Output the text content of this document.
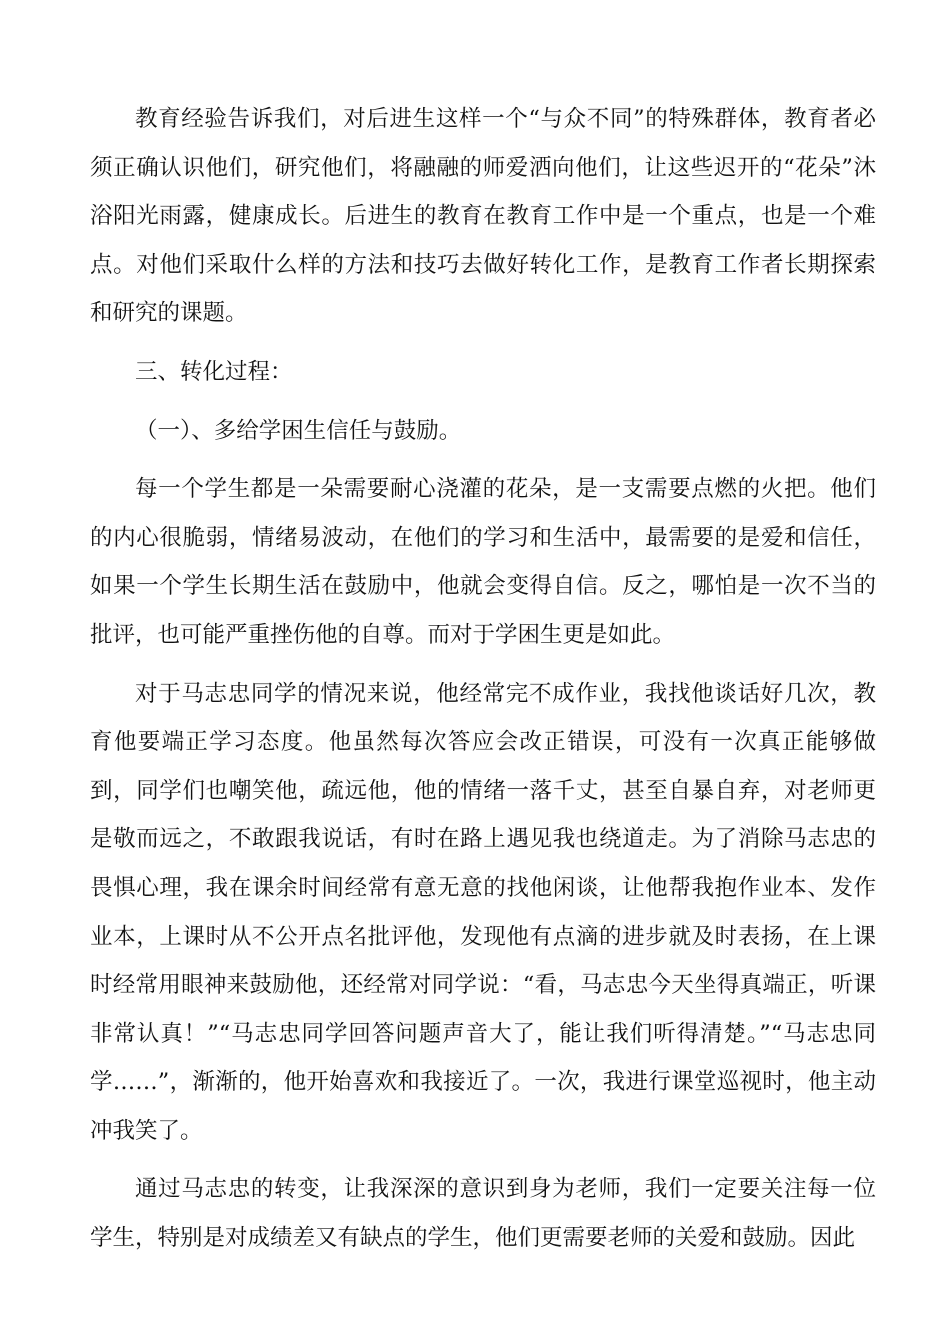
教育经验告诉我们，对后进生这样一个“与众不同”的特殊群体，教育者必须正确认识他们，研究他们，将融融的师爱洒向他们，让这些迟开的“花朵”沐浴阳光雨露，健康成长。后进生的教育在教育工作中是一个重点，也是一个难点。对他们采取什么样的方法和技巧去做好转化工作，是教育工作者长期探索和研究的课题。

三、转化过程：

（一）、多给学困生信任与鼓励。

每一个学生都是一朵需要耐心浇灌的花朵，是一支需要点燃的火把。他们的内心很脆弱，情绪易波动，在他们的学习和生活中，最需要的是爱和信任，如果一个学生长期生活在鼓励中，他就会变得自信。反之，哪怕是一次不当的批评，也可能严重挫伤他的自尊。而对于学困生更是如此。

对于马志忠同学的情况来说，他经常完不成作业，我找他谈话好几次，教育他要端正学习态度。他虽然每次答应会改正错误，可没有一次真正能够做到，同学们也嘲笑他，疏远他，他的情绪一落千丈，甚至自暴自弃，对老师更是敬而远之，不敢跟我说话，有时在路上遇见我也绕道走。为了消除马志忠的畏惧心理，我在课余时间经常有意无意的找他闲谈，让他帮我抱作业本、发作业本，上课时从不公开点名批评他，发现他有点滴的进步就及时表扬，在上课时经常用眼神来鼓励他，还经常对同学说：“看，马志忠今天坐得真端正，听课非常认真！”“马志忠同学回答问题声音大了，能让我们听得清楚。”“马志忠同学……”，渐渐的，他开始喜欢和我接近了。一次，我进行课堂巡视时，他主动冲我笑了。

通过马志忠的转变，让我深深的意识到身为老师，我们一定要关注每一位学生，特别是对成绩差又有缺点的学生，他们更需要老师的关爱和鼓励。因此
